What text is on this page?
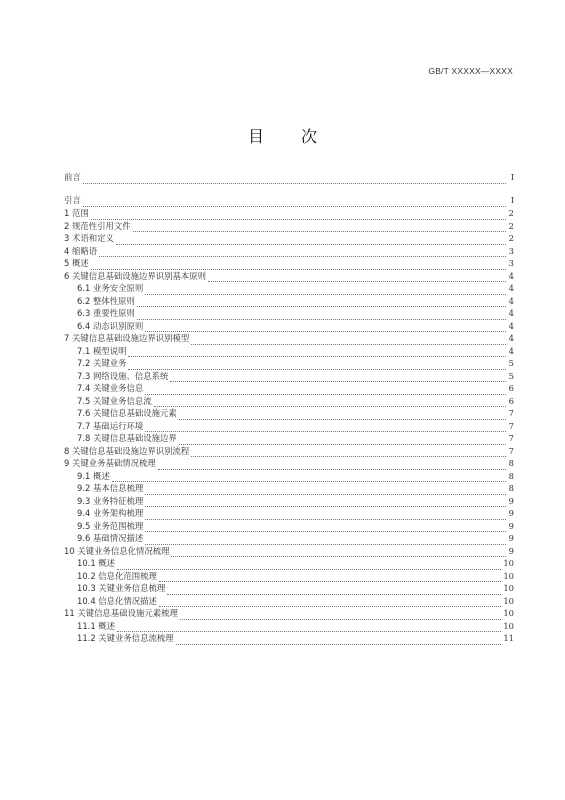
GB/T XXXXX—XXXX
目 次
前言	I
引言	I
1 范围	2
2 规范性引用文件	2
3 术语和定义	2
4 缩略语	3
5 概述	3
6 关键信息基础设施边界识别基本原则	4
6.1 业务安全原则	4
6.2 整体性原则	4
6.3 重要性原则	4
6.4 动态识别原则	4
7 关键信息基础设施边界识别模型	4
7.1 模型说明	4
7.2 关键业务	5
7.3 网络设施、信息系统	5
7.4 关键业务信息	6
7.5 关键业务信息流	6
7.6 关键信息基础设施元素	7
7.7 基础运行环境	7
7.8 关键信息基础设施边界	7
8 关键信息基础设施边界识别流程	7
9 关键业务基础情况梳理	8
9.1 概述	8
9.2 基本信息梳理	8
9.3 业务特征梳理	9
9.4 业务架构梳理	9
9.5 业务范围梳理	9
9.6 基础情况描述	9
10 关键业务信息化情况梳理	9
10.1 概述	10
10.2 信息化范围梳理	10
10.3 关键业务信息梳理	10
10.4 信息化情况描述	10
11 关键信息基础设施元素梳理	10
11.1 概述	10
11.2 关键业务信息流梳理	11
